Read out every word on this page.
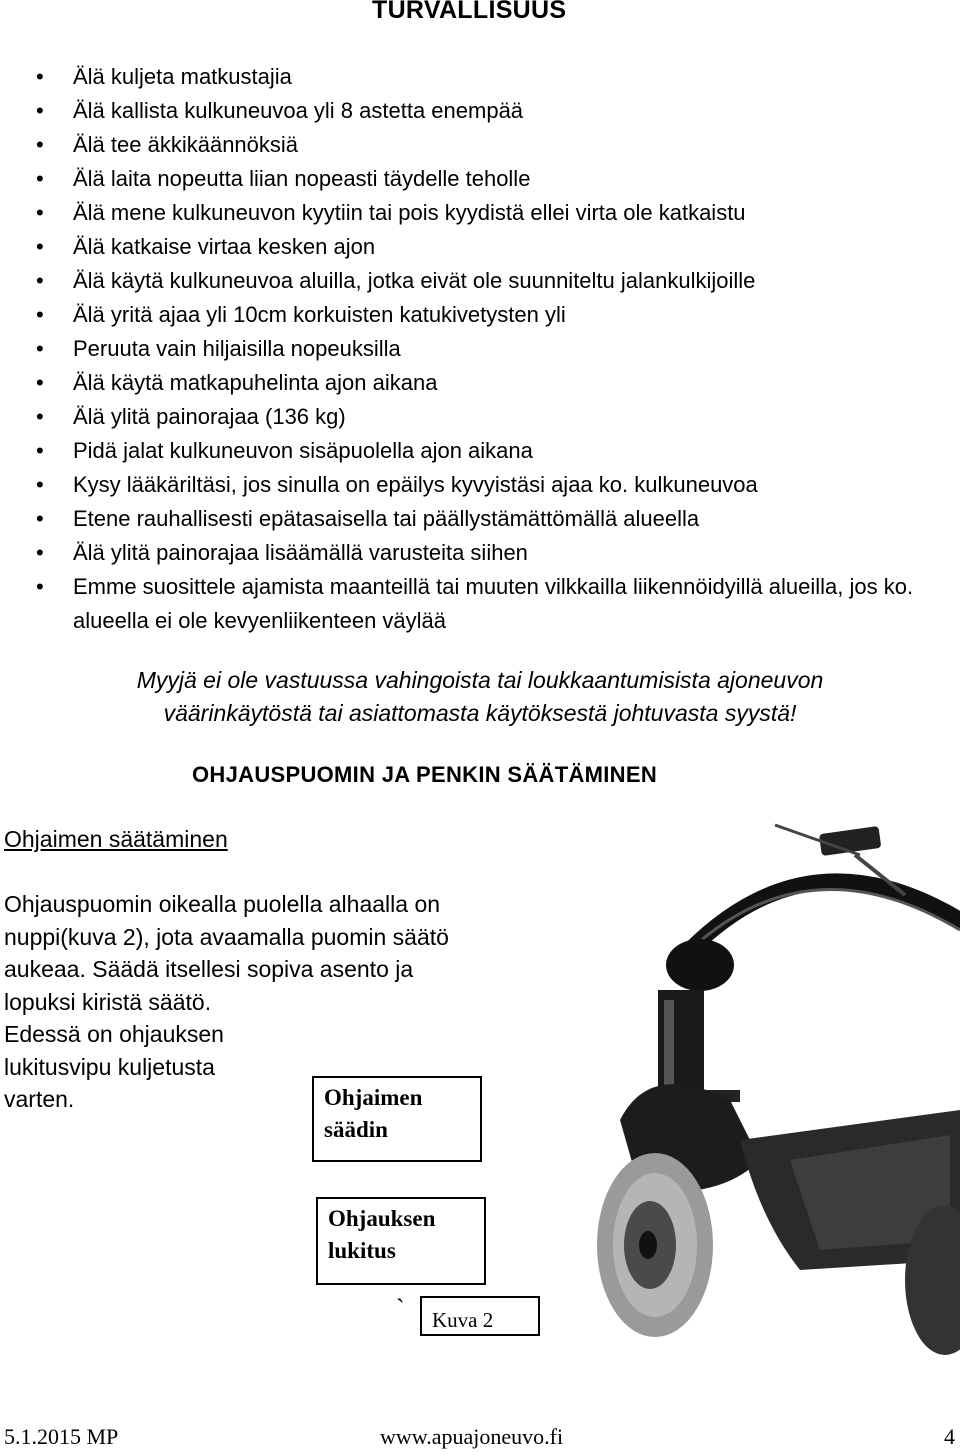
TURVALLISUUS
• Älä kuljeta matkustajia
• Älä kallista kulkuneuvoa yli 8 astetta enempää
• Älä tee äkkikäännöksiä
• Älä laita nopeutta liian nopeasti täydelle teholle
• Älä mene kulkuneuvon kyytiin tai pois kyydistä ellei virta ole katkaistu
• Älä katkaise virtaa kesken ajon
• Älä käytä kulkuneuvoa aluilla, jotka eivät ole suunniteltu jalankulkijoille
• Älä yritä ajaa yli 10cm korkuisten katukivetysten yli
• Peruuta vain hiljaisilla nopeuksilla
• Älä käytä matkapuhelinta ajon aikana
• Älä ylitä painorajaa (136 kg)
• Pidä jalat kulkuneuvon sisäpuolella ajon aikana
• Kysy lääkäriltäsi, jos sinulla on epäilys kyvyistäsi ajaa ko. kulkuneuvoa
• Etene rauhallisesti epätasaisella tai päällystämättömällä alueella
• Älä ylitä painorajaa lisäämällä varusteita siihen
• Emme suosittele ajamista maanteillä tai muuten vilkkailla liikennöidyillä alueilla, jos ko. alueella ei ole kevyenliikenteen väylää
Myyjä ei ole vastuussa vahingoista tai loukkaantumisista ajoneuvon
väärinkäytöstä tai asiattomasta käytöksestä johtuvasta syystä!
OHJAUSPUOMIN JA PENKIN SÄÄTÄMINEN
Ohjaimen säätäminen
Ohjauspuomin oikealla puolella alhaalla on
nuppi(kuva 2), jota avaamalla puomin säätö
aukeaa. Säädä itsellesi sopiva asento ja
lopuksi kiristä säätö.
Edessä on ohjauksen
lukitusvipu kuljetusta
varten.	Ohjaimen
säädin
Ohjauksen
lukitus
`	Kuva 2
5.1.2015 MP	www.apuajoneuvo.fi	4
